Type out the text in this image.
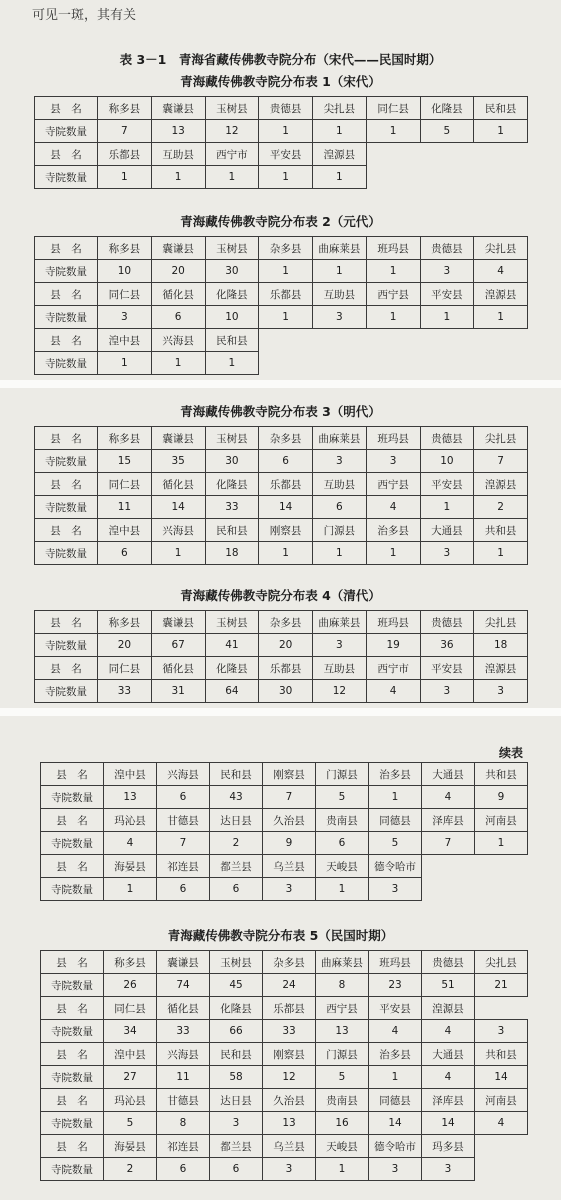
可见一斑，其有关
表 3－1　青海省藏传佛教寺院分布（宋代——民国时期）
青海藏传佛教寺院分布表 1（宋代）
县　名	称多县	囊谦县	玉树县	贵德县	尖扎县	同仁县	化隆县	民和县
寺院数量	7	13	12	1	1	1	5	1
县　名	乐都县	互助县	西宁市	平安县	湟源县			
寺院数量	1	1	1	1	1			
青海藏传佛教寺院分布表 2（元代）
县　名	称多县	囊谦县	玉树县	杂多县	曲麻莱县	班玛县	贵德县	尖扎县
寺院数量	10	20	30	1	1	1	3	4
县　名	同仁县	循化县	化隆县	乐都县	互助县	西宁县	平安县	湟源县
寺院数量	3	6	10	1	3	1	1	1
县　名	湟中县	兴海县	民和县					
寺院数量	1	1	1					
青海藏传佛教寺院分布表 3（明代）
县　名	称多县	囊谦县	玉树县	杂多县	曲麻莱县	班玛县	贵德县	尖扎县
寺院数量	15	35	30	6	3	3	10	7
县　名	同仁县	循化县	化隆县	乐都县	互助县	西宁县	平安县	湟源县
寺院数量	11	14	33	14	6	4	1	2
县　名	湟中县	兴海县	民和县	刚察县	门源县	治多县	大通县	共和县
寺院数量	6	1	18	1	1	1	3	1
青海藏传佛教寺院分布表 4（清代）
县　名	称多县	囊谦县	玉树县	杂多县	曲麻莱县	班玛县	贵德县	尖扎县
寺院数量	20	67	41	20	3	19	36	18
县　名	同仁县	循化县	化隆县	乐都县	互助县	西宁市	平安县	湟源县
寺院数量	33	31	64	30	12	4	3	3
续表
县　名	湟中县	兴海县	民和县	刚察县	门源县	治多县	大通县	共和县
寺院数量	13	6	43	7	5	1	4	9
县　名	玛沁县	甘德县	达日县	久治县	贵南县	同德县	泽库县	河南县
寺院数量	4	7	2	9	6	5	7	1
县　名	海晏县	祁连县	都兰县	乌兰县	天峻县	德令哈市		
寺院数量	1	6	6	3	1	3		
青海藏传佛教寺院分布表 5（民国时期）
县　名	称多县	囊谦县	玉树县	杂多县	曲麻莱县	班玛县	贵德县	尖扎县
寺院数量	26	74	45	24	8	23	51	21
县　名	同仁县	循化县	化隆县	乐都县	西宁县	平安县	湟源县	
寺院数量	34	33	66	33	13	4	4	3
县　名	湟中县	兴海县	民和县	刚察县	门源县	治多县	大通县	共和县
寺院数量	27	11	58	12	5	1	4	14
县　名	玛沁县	甘德县	达日县	久治县	贵南县	同德县	泽库县	河南县
寺院数量	5	8	3	13	16	14	14	4
县　名	海晏县	祁连县	都兰县	乌兰县	天峻县	德令哈市	玛多县	
寺院数量	2	6	6	3	1	3	3	
